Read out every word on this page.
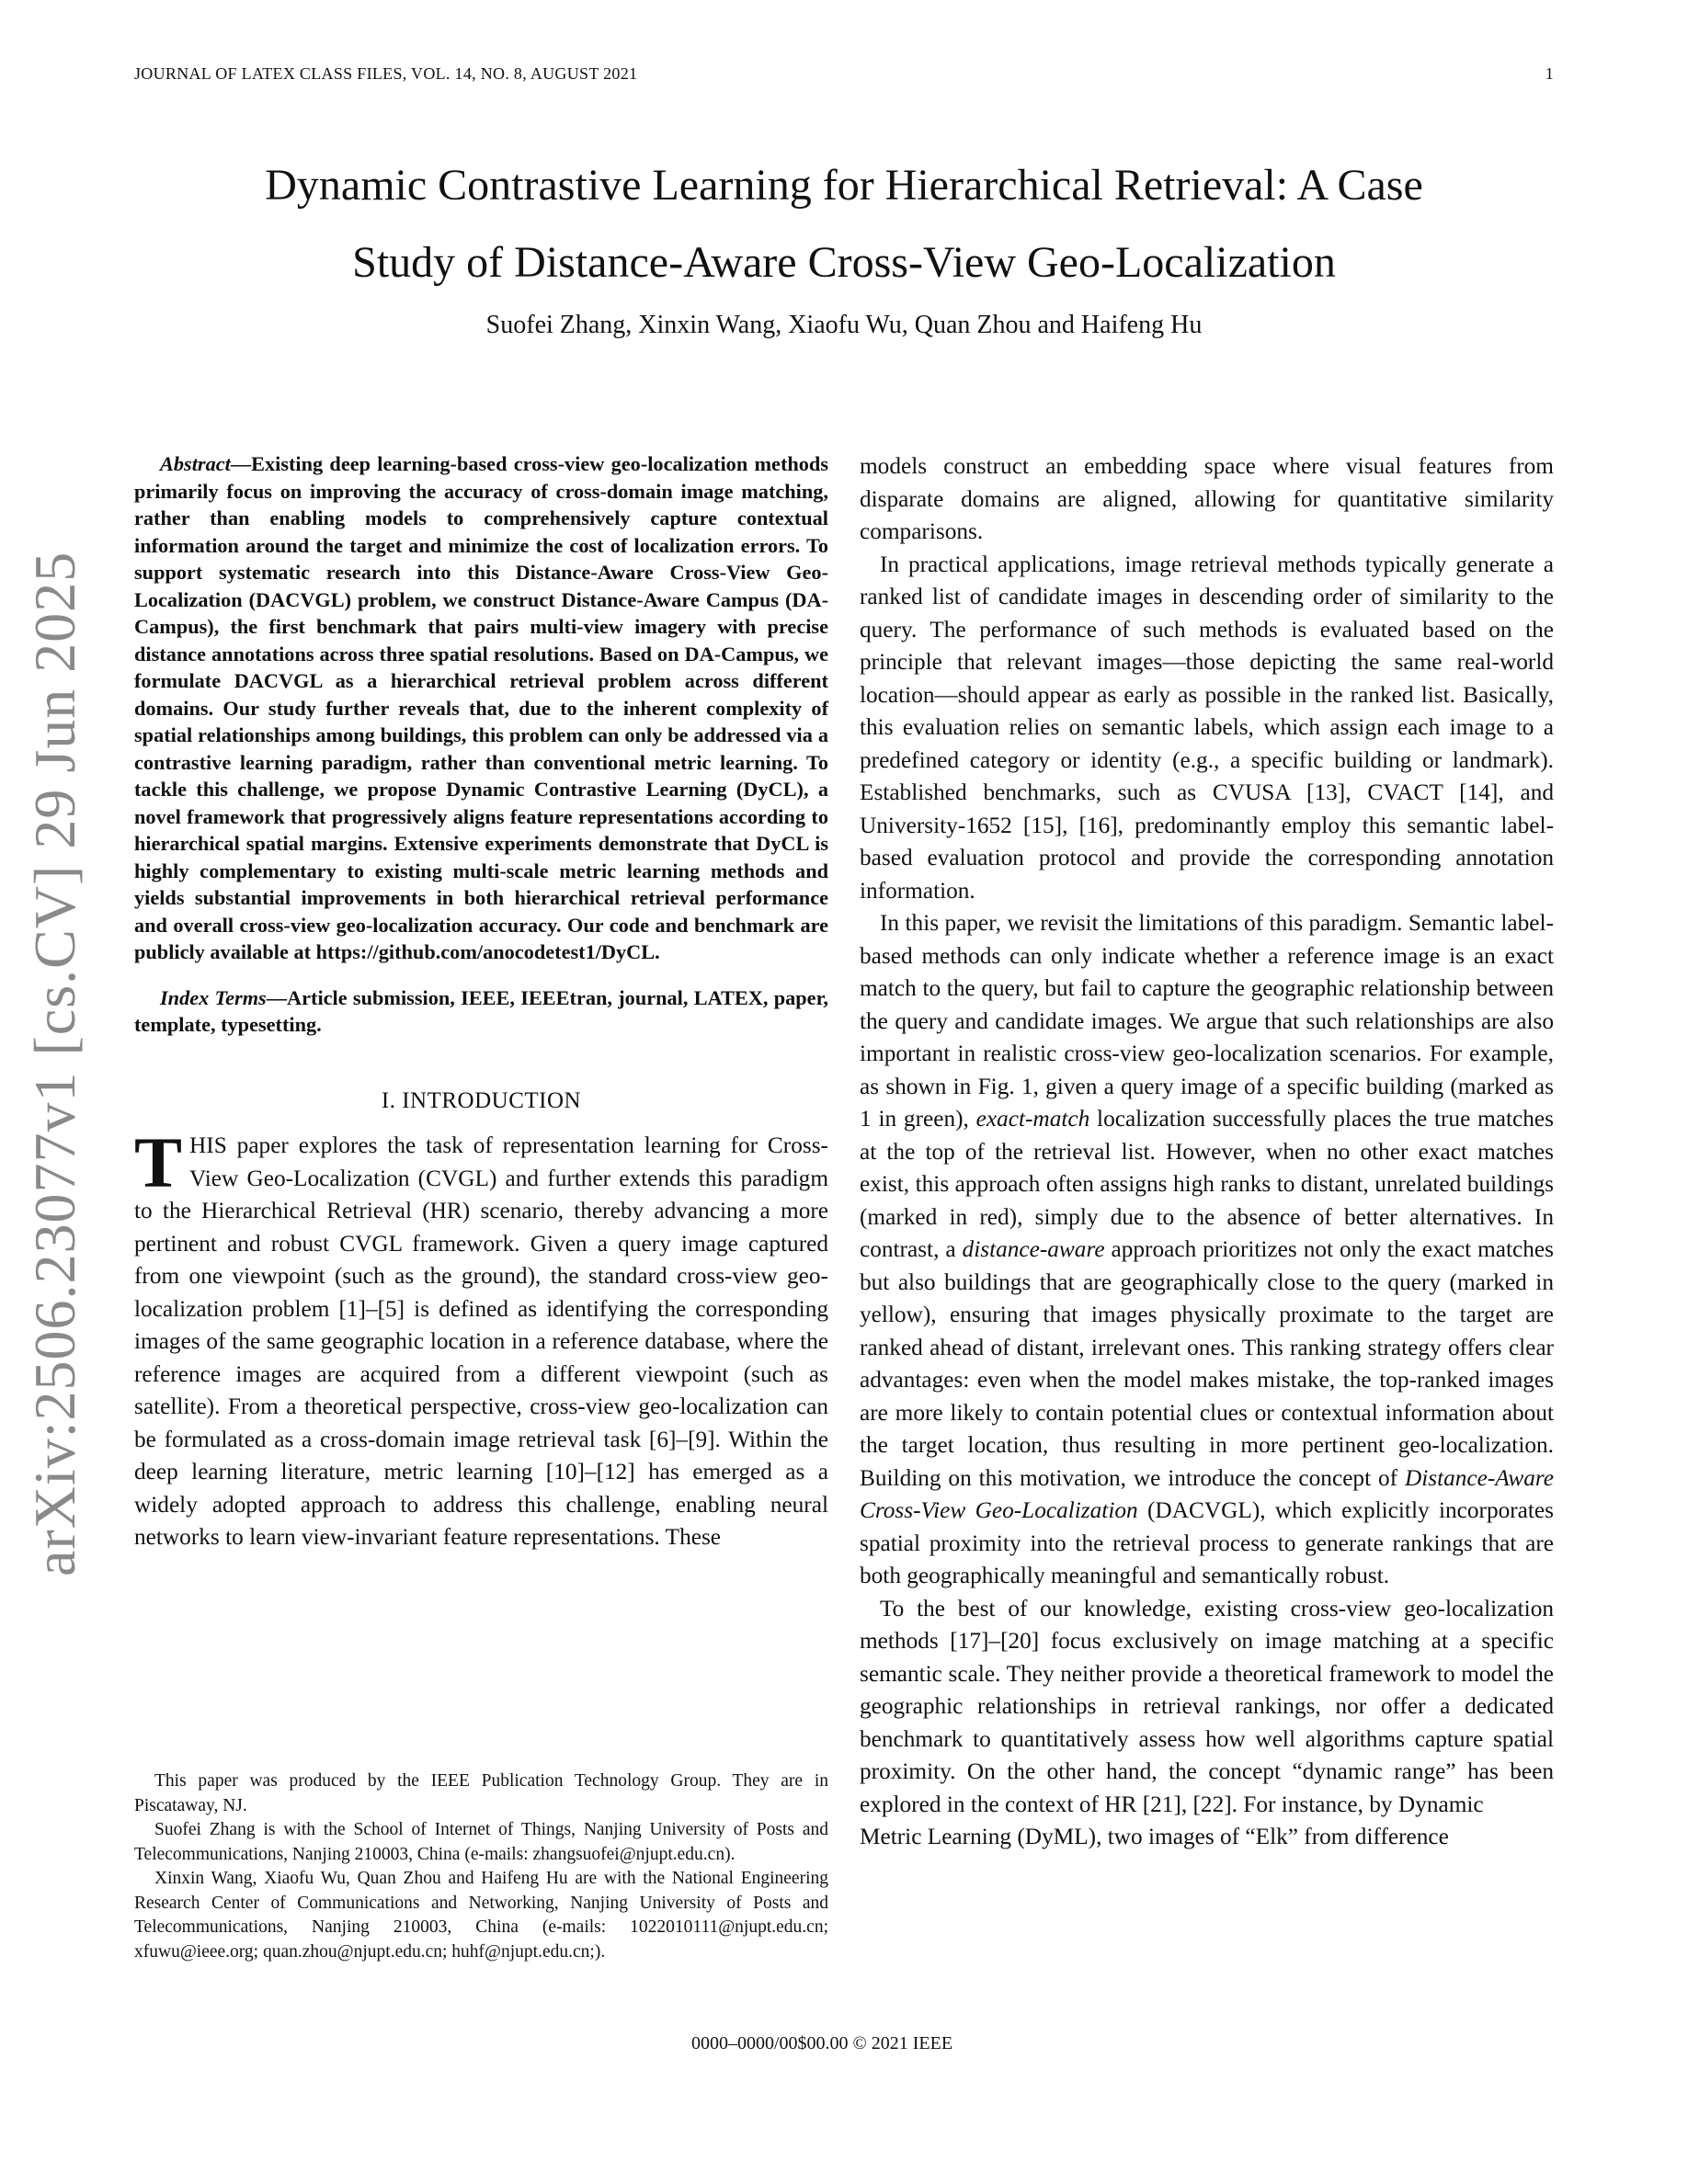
JOURNAL OF LATEX CLASS FILES, VOL. 14, NO. 8, AUGUST 2021	1
Dynamic Contrastive Learning for Hierarchical Retrieval: A Case
Study of Distance-Aware Cross-View Geo-Localization
Suofei Zhang, Xinxin Wang, Xiaofu Wu, Quan Zhou and Haifeng Hu
arXiv:2506.23077v1 [cs.CV] 29 Jun 2025

Abstract—Existing deep learning-based cross-view geo-localization methods primarily focus on improving the accuracy of cross-domain image matching, rather than enabling models to comprehensively capture contextual information around the target and minimize the cost of localization errors. To support systematic research into this Distance-Aware Cross-View Geo-Localization (DACVGL) problem, we construct Distance-Aware Campus (DA-Campus), the first benchmark that pairs multi-view imagery with precise distance annotations across three spatial resolutions. Based on DA-Campus, we formulate DACVGL as a hierarchical retrieval problem across different domains. Our study further reveals that, due to the inherent complexity of spatial relationships among buildings, this problem can only be addressed via a contrastive learning paradigm, rather than conventional metric learning. To tackle this challenge, we propose Dynamic Contrastive Learning (DyCL), a novel framework that progressively aligns feature representations according to hierarchical spatial margins. Extensive experiments demonstrate that DyCL is highly complementary to existing multi-scale metric learning methods and yields substantial improvements in both hierarchical retrieval performance and overall cross-view geo-localization accuracy. Our code and benchmark are publicly available at https://github.com/anocodetest1/DyCL.

Index Terms—Article submission, IEEE, IEEEtran, journal, LATEX, paper, template, typesetting.

I. INTRODUCTION

THIS paper explores the task of representation learning for Cross-View Geo-Localization (CVGL) and further extends this paradigm to the Hierarchical Retrieval (HR) scenario, thereby advancing a more pertinent and robust CVGL framework. Given a query image captured from one viewpoint (such as the ground), the standard cross-view geo-localization problem [1]–[5] is defined as identifying the corresponding images of the same geographic location in a reference database, where the reference images are acquired from a different viewpoint (such as satellite). From a theoretical perspective, cross-view geo-localization can be formulated as a cross-domain image retrieval task [6]–[9]. Within the deep learning literature, metric learning [10]–[12] has emerged as a widely adopted approach to address this challenge, enabling neural networks to learn view-invariant feature representations. These

This paper was produced by the IEEE Publication Technology Group. They are in Piscataway, NJ.

Suofei Zhang is with the School of Internet of Things, Nanjing University of Posts and Telecommunications, Nanjing 210003, China (e-mails: zhangsuofei@njupt.edu.cn).

Xinxin Wang, Xiaofu Wu, Quan Zhou and Haifeng Hu are with the National Engineering Research Center of Communications and Networking, Nanjing University of Posts and Telecommunications, Nanjing 210003, China (e-mails: 1022010111@njupt.edu.cn; xfuwu@ieee.org; quan.zhou@njupt.edu.cn; huhf@njupt.edu.cn;).

0000–0000/00$00.00 © 2021 IEEE

models construct an embedding space where visual features from disparate domains are aligned, allowing for quantitative similarity comparisons.

In practical applications, image retrieval methods typically generate a ranked list of candidate images in descending order of similarity to the query. The performance of such methods is evaluated based on the principle that relevant images—those depicting the same real-world location—should appear as early as possible in the ranked list. Basically, this evaluation relies on semantic labels, which assign each image to a predefined category or identity (e.g., a specific building or landmark). Established benchmarks, such as CVUSA [13], CVACT [14], and University-1652 [15], [16], predominantly employ this semantic label-based evaluation protocol and provide the corresponding annotation information.

In this paper, we revisit the limitations of this paradigm. Semantic label-based methods can only indicate whether a reference image is an exact match to the query, but fail to capture the geographic relationship between the query and candidate images. We argue that such relationships are also important in realistic cross-view geo-localization scenarios. For example, as shown in Fig. 1, given a query image of a specific building (marked as 1 in green), exact-match localization successfully places the true matches at the top of the retrieval list. However, when no other exact matches exist, this approach often assigns high ranks to distant, unrelated buildings (marked in red), simply due to the absence of better alternatives. In contrast, a distance-aware approach prioritizes not only the exact matches but also buildings that are geographically close to the query (marked in yellow), ensuring that images physically proximate to the target are ranked ahead of distant, irrelevant ones. This ranking strategy offers clear advantages: even when the model makes mistake, the top-ranked images are more likely to contain potential clues or contextual information about the target location, thus resulting in more pertinent geo-localization. Building on this motivation, we introduce the concept of Distance-Aware Cross-View Geo-Localization (DACVGL), which explicitly incorporates spatial proximity into the retrieval process to generate rankings that are both geographically meaningful and semantically robust.

To the best of our knowledge, existing cross-view geo-localization methods [17]–[20] focus exclusively on image matching at a specific semantic scale. They neither provide a theoretical framework to model the geographic relationships in retrieval rankings, nor offer a dedicated benchmark to quantitatively assess how well algorithms capture spatial proximity. On the other hand, the concept “dynamic range” has been explored in the context of HR [21], [22]. For instance, by Dynamic

Metric Learning (DyML), two images of “Elk” from difference
